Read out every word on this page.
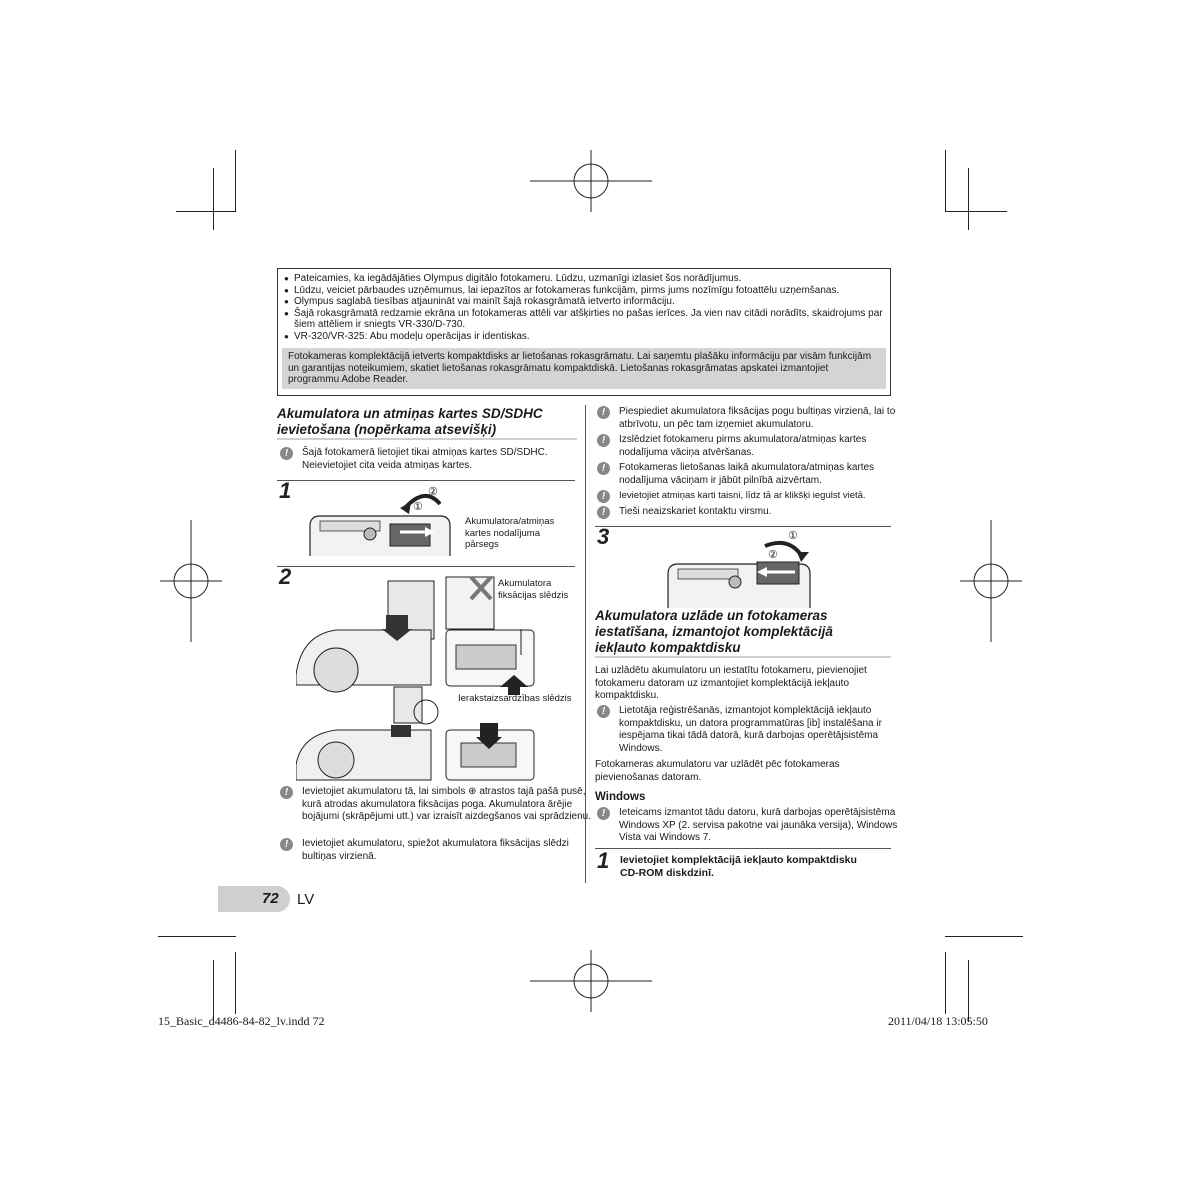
● Pateicamies, ka iegādājāties Olympus digitālo fotokameru. Lūdzu, uzmanīgi izlasiet šos norādījumus.
● Lūdzu, veiciet pārbaudes uzņēmumus, lai iepazītos ar fotokameras funkcijām, pirms jums nozīmīgu fotoattēlu uzņemšanas.
● Olympus saglabā tiesības atjaunināt vai mainīt šajā rokasgrāmatā ietverto informāciju.
● Šajā rokasgrāmatā redzamie ekrāna un fotokameras attēli var atšķirties no pašas ierīces. Ja vien nav citādi norādīts, skaidrojums par šiem attēliem ir sniegts VR-330/D-730.
● VR-320/VR-325: Abu modeļu operācijas ir identiskas.
Fotokameras komplektācijā ietverts kompaktdisks ar lietošanas rokasgrāmatu. Lai saņemtu plašāku informāciju par visām funkcijām un garantijas noteikumiem, skatiet lietošanas rokasgrāmatu kompaktdiskā. Lietošanas rokasgrāmatas apskatei izmantojiet programmu Adobe Reader.
Akumulatora un atmiņas kartes SD/SDHC
ievietošana (nopērkama atsevišķi)
!	Šajā fotokamerā lietojiet tikai atmiņas kartes SD/SDHC. Neievietojiet cita veida atmiņas kartes.
1
①
②
Akumulatora/atmiņas kartes nodalījuma pārsegs
2	Akumulatora fiksācijas slēdzis
Ierakstaizsardzības slēdzis
!	Ievietojiet akumulatoru tā, lai simbols ⊕ atrastos tajā pašā pusē, kurā atrodas akumulatora fiksācijas poga. Akumulatora ārējie bojājumi (skrāpējumi utt.) var izraisīt aizdegšanos vai sprādzienu.
!	Ievietojiet akumulatoru, spiežot akumulatora fiksācijas slēdzi bultiņas virzienā.
!	Piespiediet akumulatora fiksācijas pogu bultiņas virzienā, lai to atbrīvotu, un pēc tam izņemiet akumulatoru.
!	Izslēdziet fotokameru pirms akumulatora/atmiņas kartes nodalījuma vāciņa atvēršanas.
!	Fotokameras lietošanas laikā akumulatora/atmiņas kartes nodalījuma vāciņam ir jābūt pilnībā aizvērtam.
!	Ievietojiet atmiņas karti taisni, līdz tā ar klikšķi iegulst vietā.
!	Tieši neaizskariet kontaktu virsmu.
3	①
②
Akumulatora uzlāde un fotokameras
iestatīšana, izmantojot komplektācijā
iekļauto kompaktdisku
Lai uzlādētu akumulatoru un iestatītu fotokameru, pievienojiet fotokameru datoram uz izmantojiet komplektācijā iekļauto kompaktdisku.
!	Lietotāja reģistrēšanās, izmantojot komplektācijā iekļauto kompaktdisku, un datora programmatūras [ib] instalēšana ir iespējama tikai tādā datorā, kurā darbojas operētājsistēma Windows.
Fotokameras akumulatoru var uzlādēt pēc fotokameras pievienošanas datoram.
Windows
!	Ieteicams izmantot tādu datoru, kurā darbojas operētājsistēma Windows XP (2. servisa pakotne vai jaunāka versija), Windows Vista vai Windows 7.
1 Ievietojiet komplektācijā iekļauto kompaktdisku CD-ROM diskdzinī.
72 LV
15_Basic_d4486-84-82_lv.indd 72	2011/04/18 13:05:50
